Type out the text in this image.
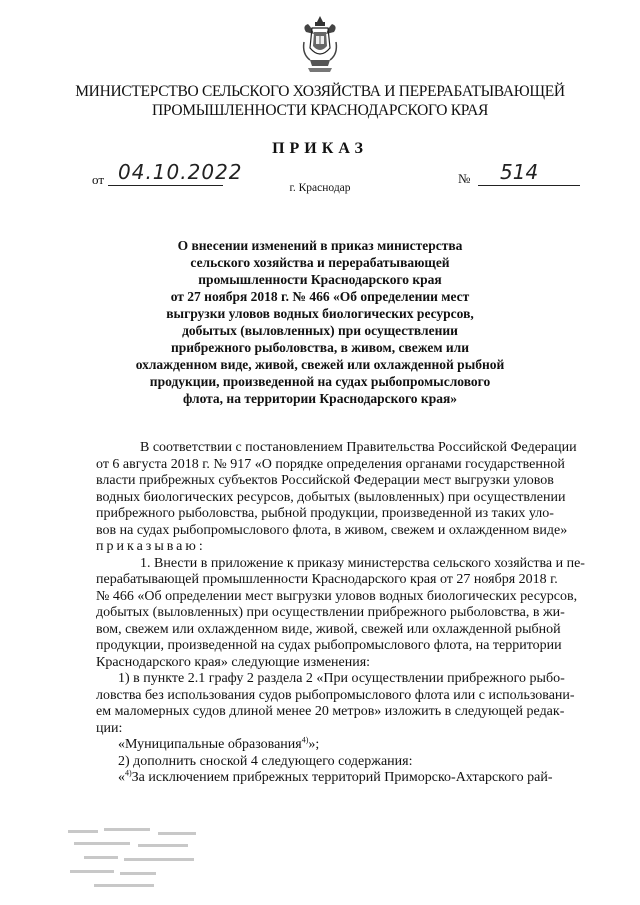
МИНИСТЕРСТВО СЕЛЬСКОГО ХОЗЯЙСТВА И ПЕРЕРАБАТЫВАЮЩЕЙ
ПРОМЫШЛЕННОСТИ КРАСНОДАРСКОГО КРАЯ
ПРИКАЗ
от 04.10.2022	№ 514
г. Краснодар
О внесении изменений в приказ министерства
сельского хозяйства и перерабатывающей
промышленности Краснодарского края
от 27 ноября 2018 г. № 466 «Об определении мест
выгрузки уловов водных биологических ресурсов,
добытых (выловленных) при осуществлении
прибрежного рыболовства, в живом, свежем или
охлажденном виде, живой, свежей или охлажденной рыбной
продукции, произведенной на судах рыбопромыслового
флота, на территории Краснодарского края»
В соответствии с постановлением Правительства Российской Федерации
от 6 августа 2018 г. № 917 «О порядке определения органами государственной
власти прибрежных субъектов Российской Федерации мест выгрузки уловов
водных биологических ресурсов, добытых (выловленных) при осуществлении
прибрежного рыболовства, рыбной продукции, произведенной из таких уло-
вов на судах рыбопромыслового флота, в живом, свежем и охлажденном виде»
приказываю:
1. Внести в приложение к приказу министерства сельского хозяйства и пе-
перабатывающей промышленности Краснодарского края от 27 ноября 2018 г.
№ 466 «Об определении мест выгрузки уловов водных биологических ресурсов,
добытых (выловленных) при осуществлении прибрежного рыболовства, в жи-
вом, свежем или охлажденном виде, живой, свежей или охлажденной рыбной
продукции, произведенной на судах рыбопромыслового флота, на территории
Краснодарского края» следующие изменения:
1) в пункте 2.1 графу 2 раздела 2 «При осуществлении прибрежного рыбо-
ловства без использования судов рыбопромыслового флота или с использовани-
ем маломерных судов длиной менее 20 метров» изложить в следующей редак-
ции:
«Муниципальные образования$^{4)}$»;
2) дополнить сноской 4 следующего содержания:
«$^{4)}$За исключением прибрежных территорий Приморско-Ахтарского рай-
